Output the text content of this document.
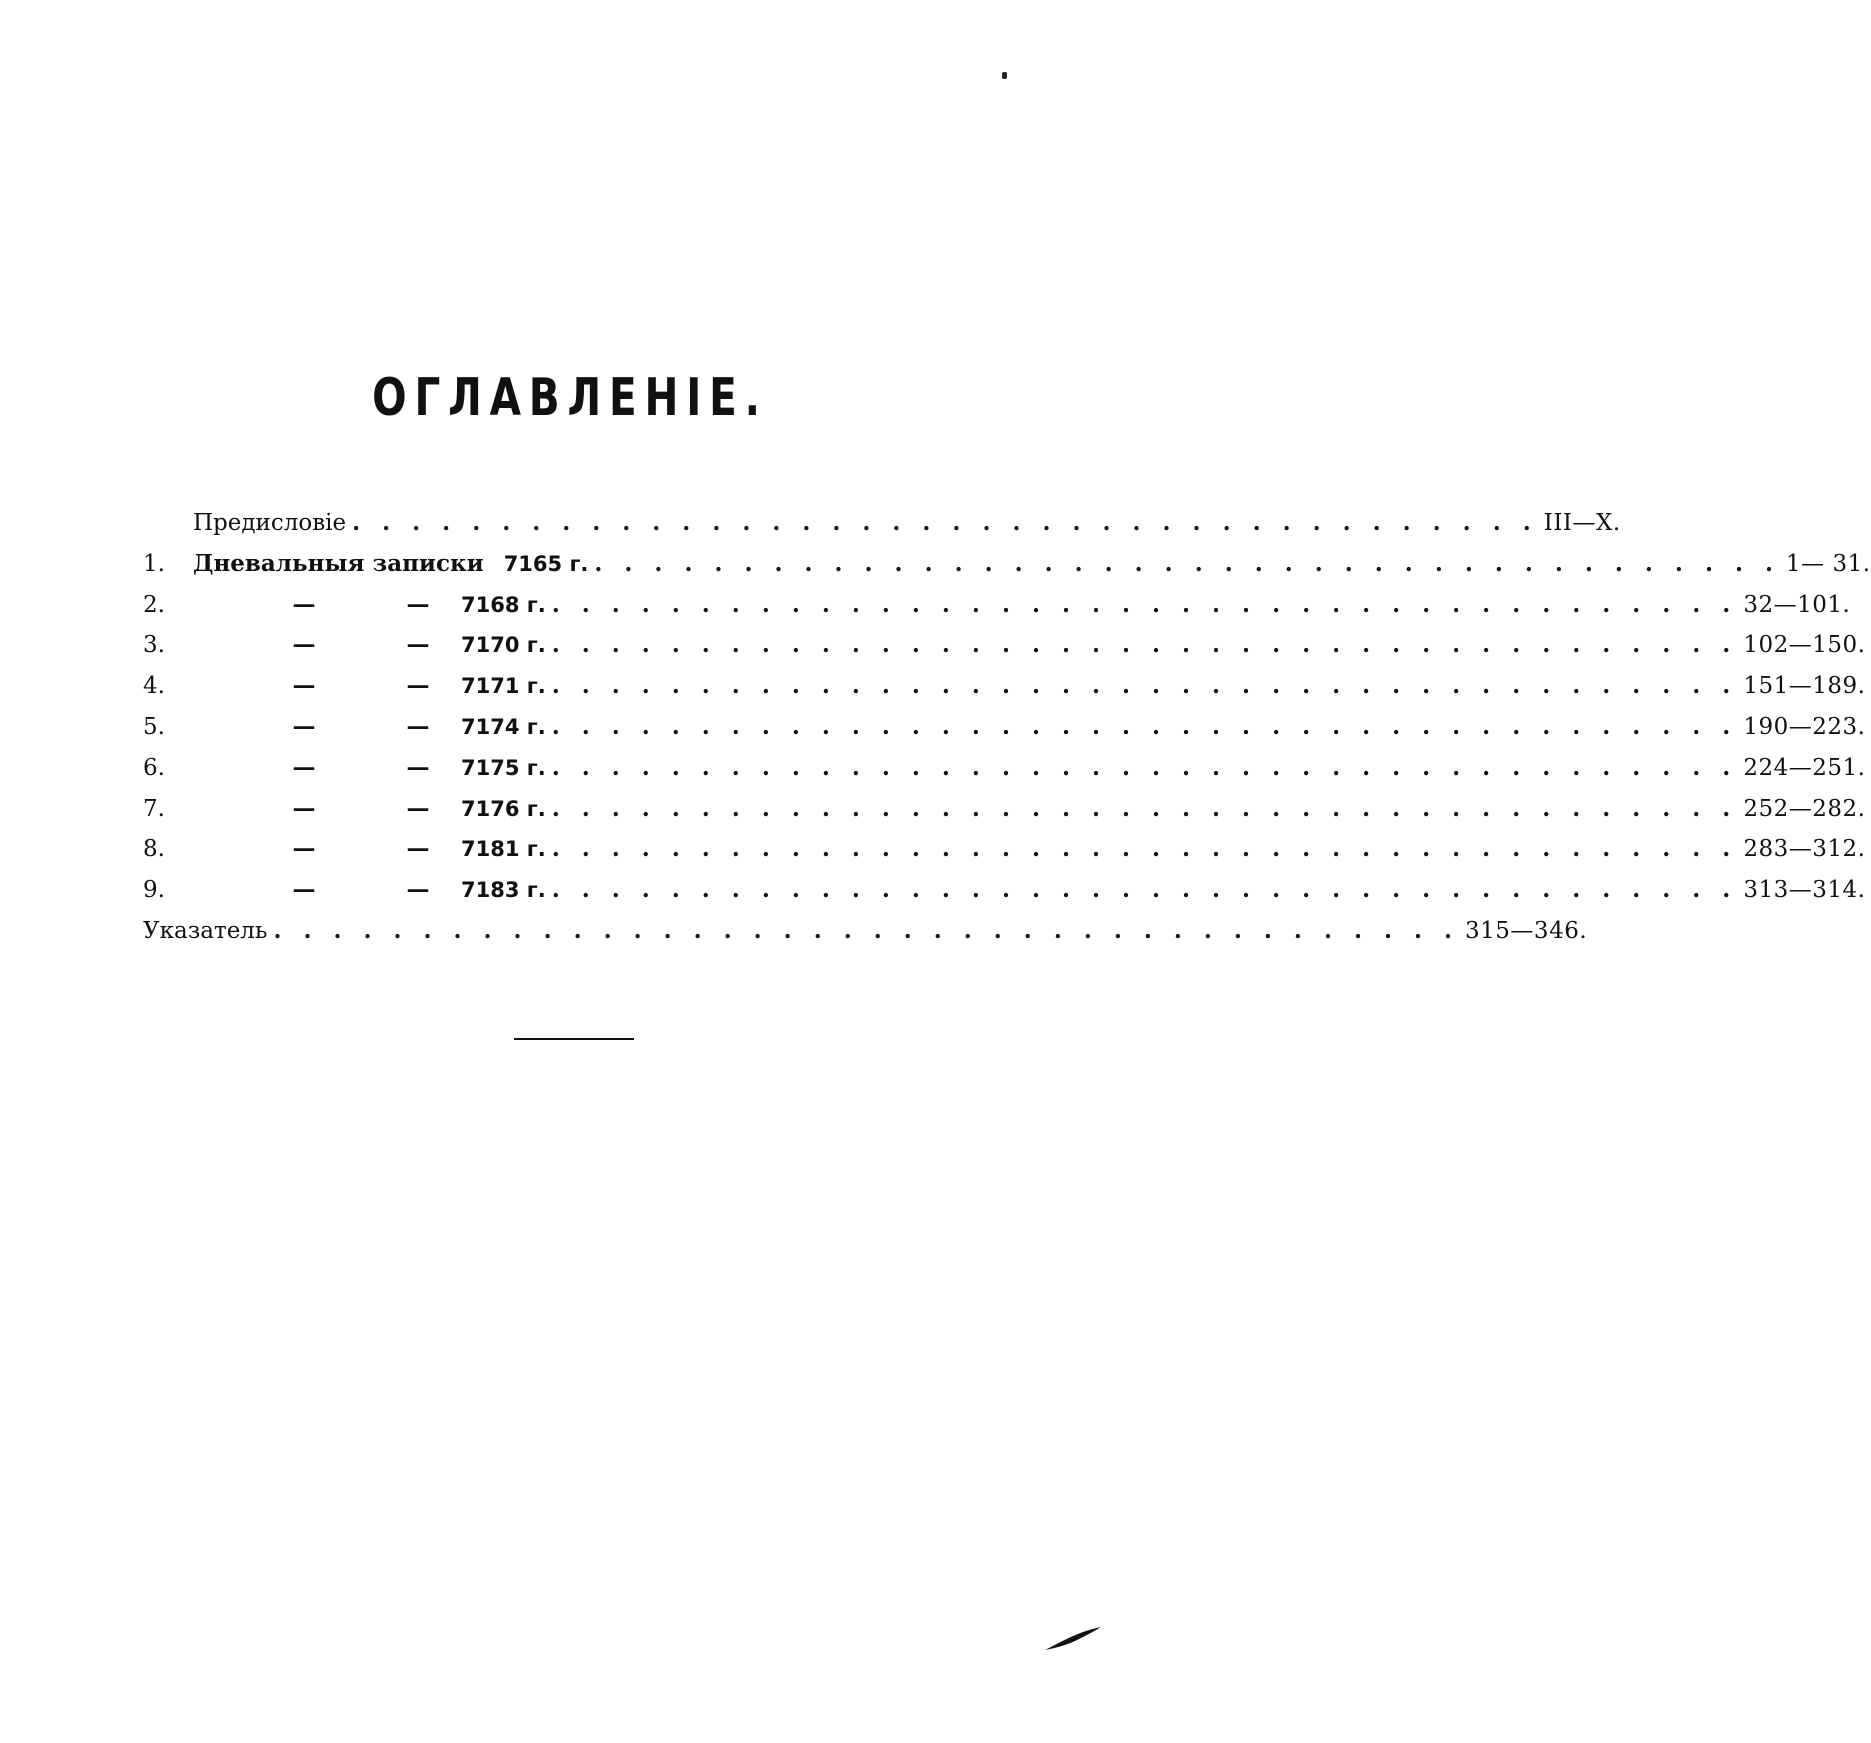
ОГЛАВЛЕНІЕ.
Предисловіе . . . . . . . . . . . . . . . . . . . . . . . . . . . . . . . . . . . . . . . . III—X.
1.	Дневальныя записки 7165 г. . . . . . . . . . . . . . . . . . . . . . . . . . . . . . . . . . . . . . . . . 1— 31.
2.	—	— 7168 г. . . . . . . . . . . . . . . . . . . . . . . . . . . . . . . . . . . . . . . . . 32—101.
3.	—	— 7170 г. . . . . . . . . . . . . . . . . . . . . . . . . . . . . . . . . . . . . . . . . 102—150.
4.	—	— 7171 г. . . . . . . . . . . . . . . . . . . . . . . . . . . . . . . . . . . . . . . . . 151—189.
5.	—	— 7174 г. . . . . . . . . . . . . . . . . . . . . . . . . . . . . . . . . . . . . . . . . 190—223.
6.	—	— 7175 г. . . . . . . . . . . . . . . . . . . . . . . . . . . . . . . . . . . . . . . . . 224—251.
7.	—	— 7176 г. . . . . . . . . . . . . . . . . . . . . . . . . . . . . . . . . . . . . . . . . 252—282.
8.	—	— 7181 г. . . . . . . . . . . . . . . . . . . . . . . . . . . . . . . . . . . . . . . . . 283—312.
9.	—	— 7183 г. . . . . . . . . . . . . . . . . . . . . . . . . . . . . . . . . . . . . . . . . 313—314.
Указатель . . . . . . . . . . . . . . . . . . . . . . . . . . . . . . . . . . . . . . . . 315—346.
